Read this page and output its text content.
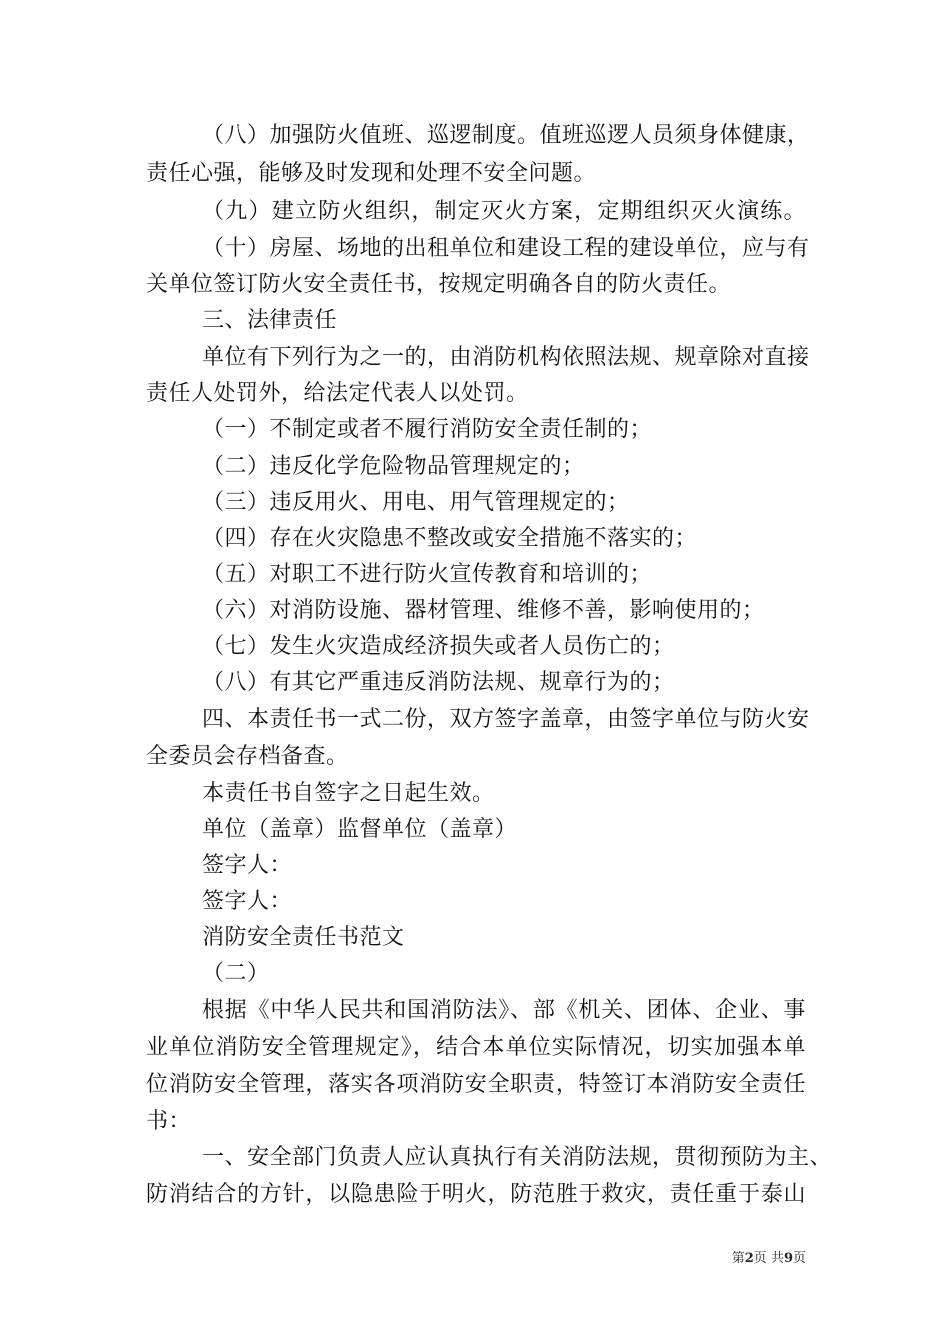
（八）加强防火值班、巡逻制度。值班巡逻人员须身体健康，
责任心强，能够及时发现和处理不安全问题。
（九）建立防火组织，制定灭火方案，定期组织灭火演练。
（十）房屋、场地的出租单位和建设工程的建设单位，应与有
关单位签订防火安全责任书，按规定明确各自的防火责任。
三、法律责任
单位有下列行为之一的，由消防机构依照法规、规章除对直接
责任人处罚外，给法定代表人以处罚。
（一）不制定或者不履行消防安全责任制的；
（二）违反化学危险物品管理规定的；
（三）违反用火、用电、用气管理规定的；
（四）存在火灾隐患不整改或安全措施不落实的；
（五）对职工不进行防火宣传教育和培训的；
（六）对消防设施、器材管理、维修不善，影响使用的；
（七）发生火灾造成经济损失或者人员伤亡的；
（八）有其它严重违反消防法规、规章行为的；
四、本责任书一式二份，双方签字盖章，由签字单位与防火安
全委员会存档备查。
本责任书自签字之日起生效。
单位（盖章）监督单位（盖章）
签字人：
签字人：
消防安全责任书范文
（二）
根据《中华人民共和国消防法》、部《机关、团体、企业、事
业单位消防安全管理规定》，结合本单位实际情况，切实加强本单
位消防安全管理，落实各项消防安全职责，特签订本消防安全责任
书：
一、安全部门负责人应认真执行有关消防法规，贯彻预防为主、
防消结合的方针，以隐患险于明火，防范胜于救灾，责任重于泰山
第2页 共9页
